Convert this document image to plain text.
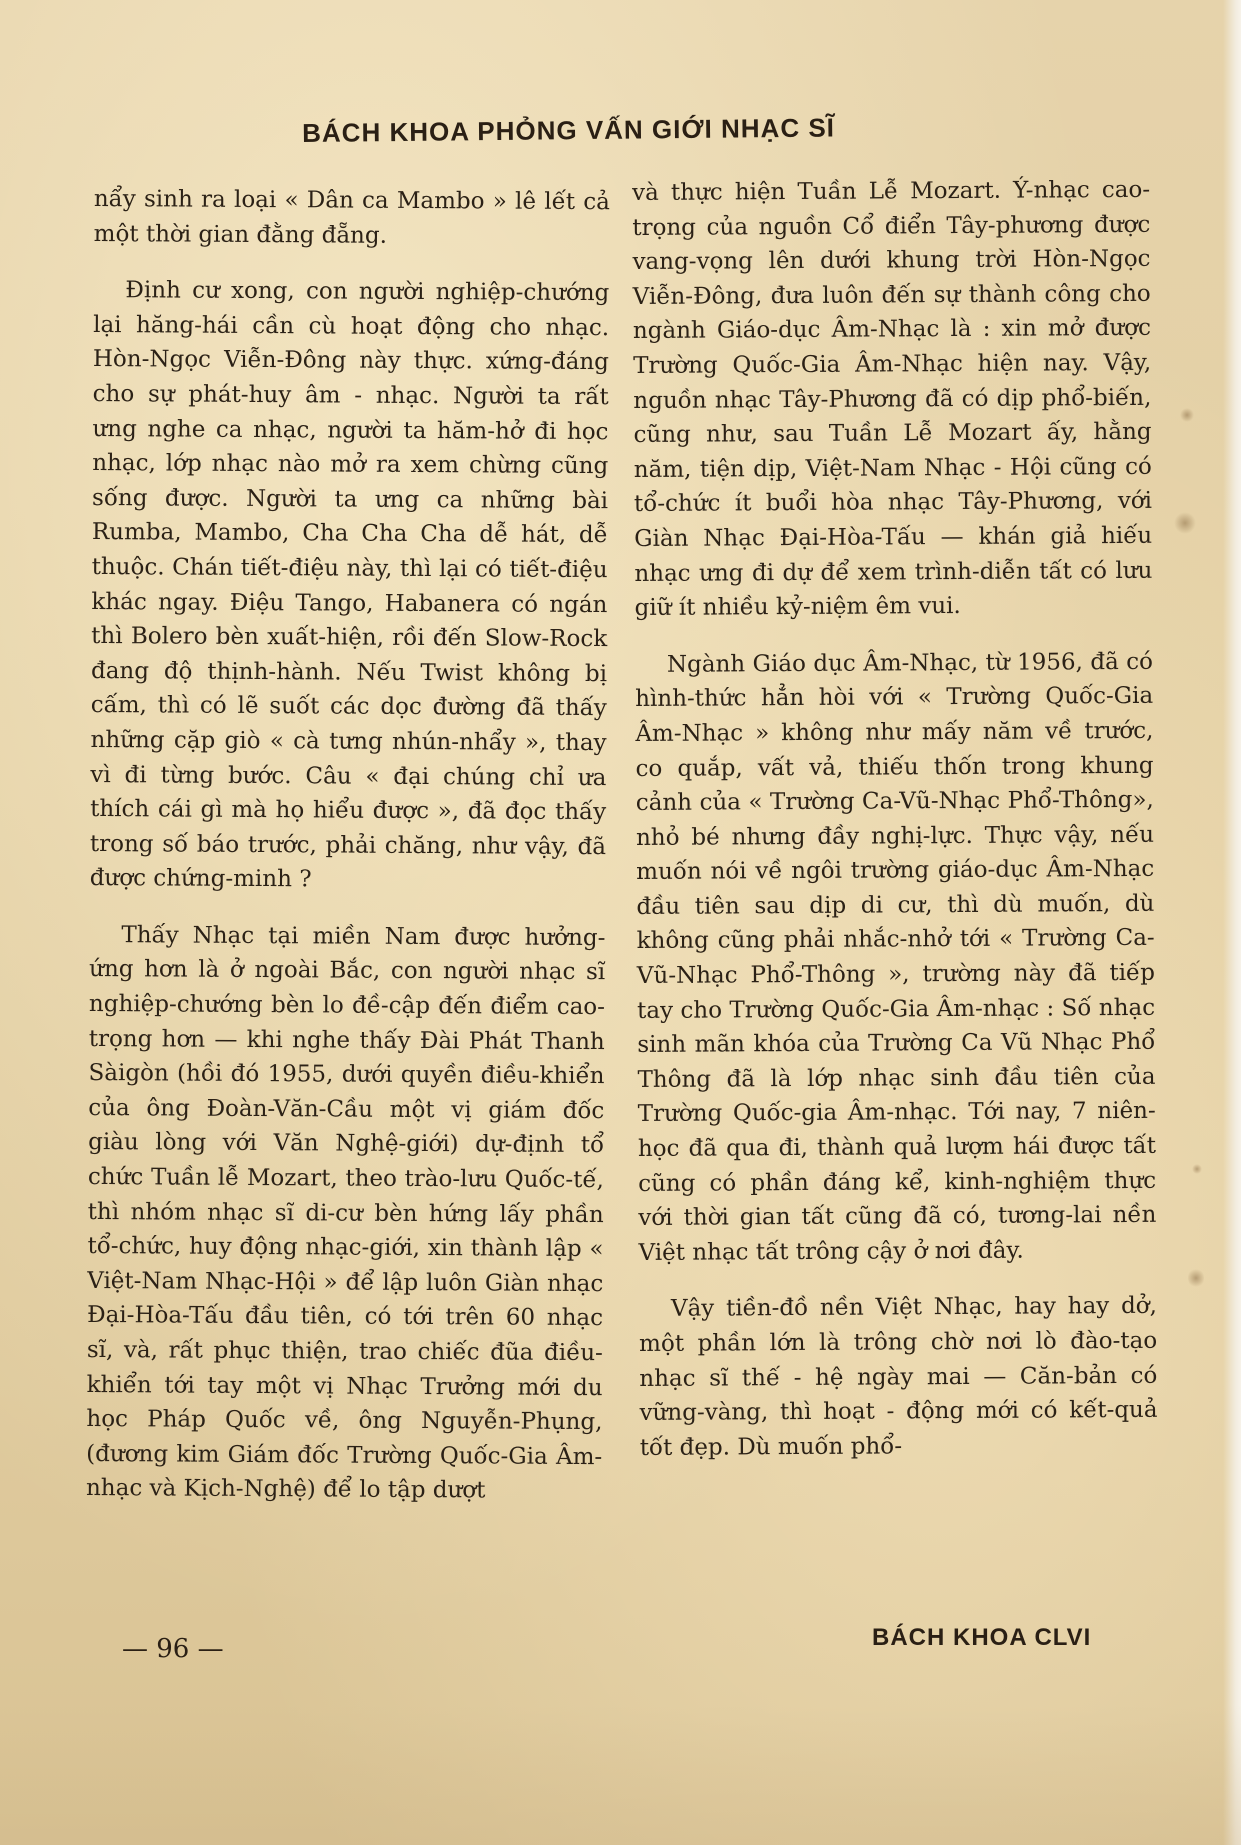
BÁCH KHOA PHỎNG VẤN GIỚI NHẠC SĨ

nẩy sinh ra loại « Dân ca Mambo » lê lết cả một thời gian đằng đẵng.

Định cư xong, con người nghiệp-chướng lại hăng-hái cần cù hoạt động cho nhạc. Hòn-Ngọc Viễn-Đông này thực. xứng-đáng cho sự phát-huy âm - nhạc. Người ta rất ưng nghe ca nhạc, người ta hăm-hở đi học nhạc, lớp nhạc nào mở ra xem chừng cũng sống được. Người ta ưng ca những bài Rumba, Mambo, Cha Cha Cha dễ hát, dễ thuộc. Chán tiết-điệu này, thì lại có tiết-điệu khác ngay. Điệu Tango, Habanera có ngán thì Bolero bèn xuất-hiện, rồi đến Slow-Rock đang độ thịnh-hành. Nếu Twist không bị cấm, thì có lẽ suốt các dọc đường đã thấy những cặp giò « cà tưng nhún-nhẩy », thay vì đi từng bước. Câu « đại chúng chỉ ưa thích cái gì mà họ hiểu được », đã đọc thấy trong số báo trước, phải chăng, như vậy, đã được chứng-minh ?

Thấy Nhạc tại miền Nam được hưởng-ứng hơn là ở ngoài Bắc, con người nhạc sĩ nghiệp-chướng bèn lo đề-cập đến điểm cao-trọng hơn — khi nghe thấy Đài Phát Thanh Sàigòn (hồi đó 1955, dưới quyền điều-khiển của ông Đoàn-Văn-Cầu một vị giám đốc giàu lòng với Văn Nghệ-giới) dự-định tổ chức Tuần lễ Mozart, theo trào-lưu Quốc-tế, thì nhóm nhạc sĩ di-cư bèn hứng lấy phần tổ-chức, huy động nhạc-giới, xin thành lập « Việt-Nam Nhạc-Hội » để lập luôn Giàn nhạc Đại-Hòa-Tấu đầu tiên, có tới trên 60 nhạc sĩ, và, rất phục thiện, trao chiếc đũa điều-khiển tới tay một vị Nhạc Trưởng mới du học Pháp Quốc về, ông Nguyễn-Phụng, (đương kim Giám đốc Trường Quốc-Gia Âm-nhạc và Kịch-Nghệ) để lo tập dượt

và thực hiện Tuần Lễ Mozart. Ý-nhạc cao-trọng của nguồn Cổ điển Tây-phương được vang-vọng lên dưới khung trời Hòn-Ngọc Viễn-Đông, đưa luôn đến sự thành công cho ngành Giáo-dục Âm-Nhạc là : xin mở được Trường Quốc-Gia Âm-Nhạc hiện nay. Vậy, nguồn nhạc Tây-Phương đã có dịp phổ-biến, cũng như, sau Tuần Lễ Mozart ấy, hằng năm, tiện dịp, Việt-Nam Nhạc - Hội cũng có tổ-chức ít buổi hòa nhạc Tây-Phương, với Giàn Nhạc Đại-Hòa-Tấu — khán giả hiếu nhạc ưng đi dự để xem trình-diễn tất có lưu giữ ít nhiều kỷ-niệm êm vui.

Ngành Giáo dục Âm-Nhạc, từ 1956, đã có hình-thức hẳn hòi với « Trường Quốc-Gia Âm-Nhạc » không như mấy năm về trước, co quắp, vất vả, thiếu thốn trong khung cảnh của « Trường Ca-Vũ-Nhạc Phổ-Thông», nhỏ bé nhưng đầy nghị-lực. Thực vậy, nếu muốn nói về ngôi trường giáo-dục Âm-Nhạc đầu tiên sau dịp di cư, thì dù muốn, dù không cũng phải nhắc-nhở tới « Trường Ca-Vũ-Nhạc Phổ-Thông », trường này đã tiếp tay cho Trường Quốc-Gia Âm-nhạc : Số nhạc sinh mãn khóa của Trường Ca Vũ Nhạc Phổ Thông đã là lớp nhạc sinh đầu tiên của Trường Quốc-gia Âm-nhạc. Tới nay, 7 niên-học đã qua đi, thành quả lượm hái được tất cũng có phần đáng kể, kinh-nghiệm thực với thời gian tất cũng đã có, tương-lai nền Việt nhạc tất trông cậy ở nơi đây.

Vậy tiền-đồ nền Việt Nhạc, hay hay dở, một phần lớn là trông chờ nơi lò đào-tạo nhạc sĩ thế - hệ ngày mai — Căn-bản có vững-vàng, thì hoạt - động mới có kết-quả tốt đẹp. Dù muốn phổ-

— 96 —	BÁCH KHOA CLVI
